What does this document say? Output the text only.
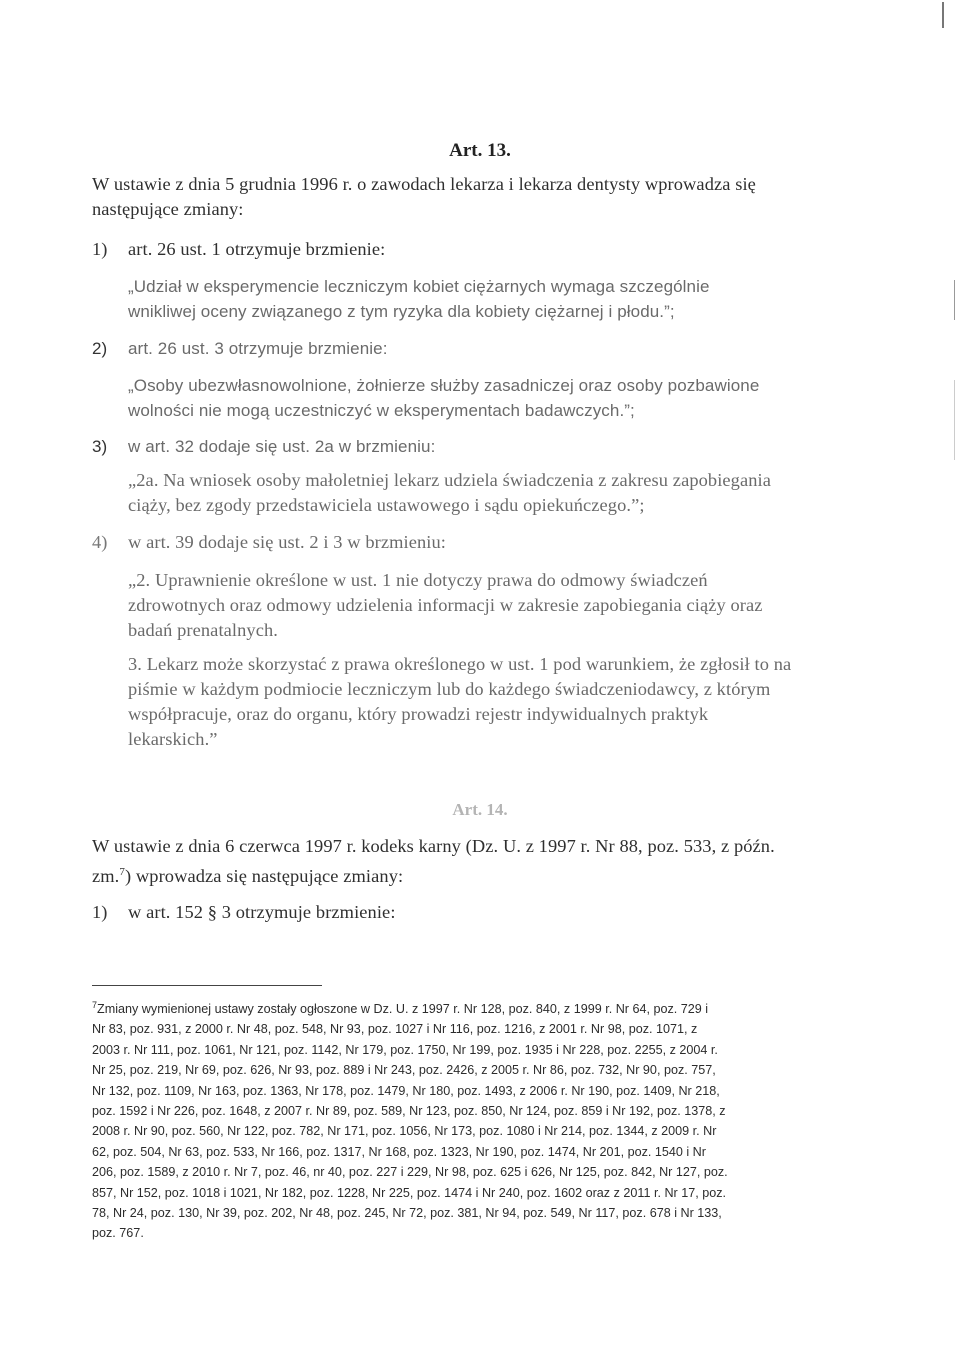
Art. 13.
W ustawie z dnia 5 grudnia 1996 r. o zawodach lekarza i lekarza dentysty wprowadza się
następujące zmiany:
1) art. 26 ust. 1 otrzymuje brzmienie:
„Udział w eksperymencie leczniczym kobiet ciężarnych wymaga szczególnie
wnikliwej oceny związanego z tym ryzyka dla kobiety ciężarnej i płodu.”;
2) art. 26 ust. 3 otrzymuje brzmienie:
„Osoby ubezwłasnowolnione, żołnierze służby zasadniczej oraz osoby pozbawione
wolności nie mogą uczestniczyć w eksperymentach badawczych.”;
3) w art. 32 dodaje się ust. 2a w brzmieniu:
„2a. Na wniosek osoby małoletniej lekarz udziela świadczenia z zakresu zapobiegania
ciąży, bez zgody przedstawiciela ustawowego i sądu opiekuńczego.”;
4) w art. 39 dodaje się ust. 2 i 3 w brzmieniu:
„2. Uprawnienie określone w ust. 1 nie dotyczy prawa do odmowy świadczeń
zdrowotnych oraz odmowy udzielenia informacji w zakresie zapobiegania ciąży oraz
badań prenatalnych.
3. Lekarz może skorzystać z prawa określonego w ust. 1 pod warunkiem, że zgłosił to na
piśmie w każdym podmiocie leczniczym lub do każdego świadczeniodawcy, z którym
współpracuje, oraz do organu, który prowadzi rejestr indywidualnych praktyk
lekarskich.”
Art. 14.
W ustawie z dnia 6 czerwca 1997 r. kodeks karny (Dz. U. z 1997 r. Nr 88, poz. 533, z późn.
zm.$^7$) wprowadza się następujące zmiany:
1) w art. 152 § 3 otrzymuje brzmienie:
$^7$Zmiany wymienionej ustawy zostały ogłoszone w Dz. U. z 1997 r. Nr 128, poz. 840, z 1999 r. Nr 64, poz. 729 i
Nr 83, poz. 931, z 2000 r. Nr 48, poz. 548, Nr 93, poz. 1027 i Nr 116, poz. 1216, z 2001 r. Nr 98, poz. 1071, z
2003 r. Nr 111, poz. 1061, Nr 121, poz. 1142, Nr 179, poz. 1750, Nr 199, poz. 1935 i Nr 228, poz. 2255, z 2004 r.
Nr 25, poz. 219, Nr 69, poz. 626, Nr 93, poz. 889 i Nr 243, poz. 2426, z 2005 r. Nr 86, poz. 732, Nr 90, poz. 757,
Nr 132, poz. 1109, Nr 163, poz. 1363, Nr 178, poz. 1479, Nr 180, poz. 1493, z 2006 r. Nr 190, poz. 1409, Nr 218,
poz. 1592 i Nr 226, poz. 1648, z 2007 r. Nr 89, poz. 589, Nr 123, poz. 850, Nr 124, poz. 859 i Nr 192, poz. 1378, z
2008 r. Nr 90, poz. 560, Nr 122, poz. 782, Nr 171, poz. 1056, Nr 173, poz. 1080 i Nr 214, poz. 1344, z 2009 r. Nr
62, poz. 504, Nr 63, poz. 533, Nr 166, poz. 1317, Nr 168, poz. 1323, Nr 190, poz. 1474, Nr 201, poz. 1540 i Nr
206, poz. 1589, z 2010 r. Nr 7, poz. 46, nr 40, poz. 227 i 229, Nr 98, poz. 625 i 626, Nr 125, poz. 842, Nr 127, poz.
857, Nr 152, poz. 1018 i 1021, Nr 182, poz. 1228, Nr 225, poz. 1474 i Nr 240, poz. 1602 oraz z 2011 r. Nr 17, poz.
78, Nr 24, poz. 130, Nr 39, poz. 202, Nr 48, poz. 245, Nr 72, poz. 381, Nr 94, poz. 549, Nr 117, poz. 678 i Nr 133,
poz. 767.
